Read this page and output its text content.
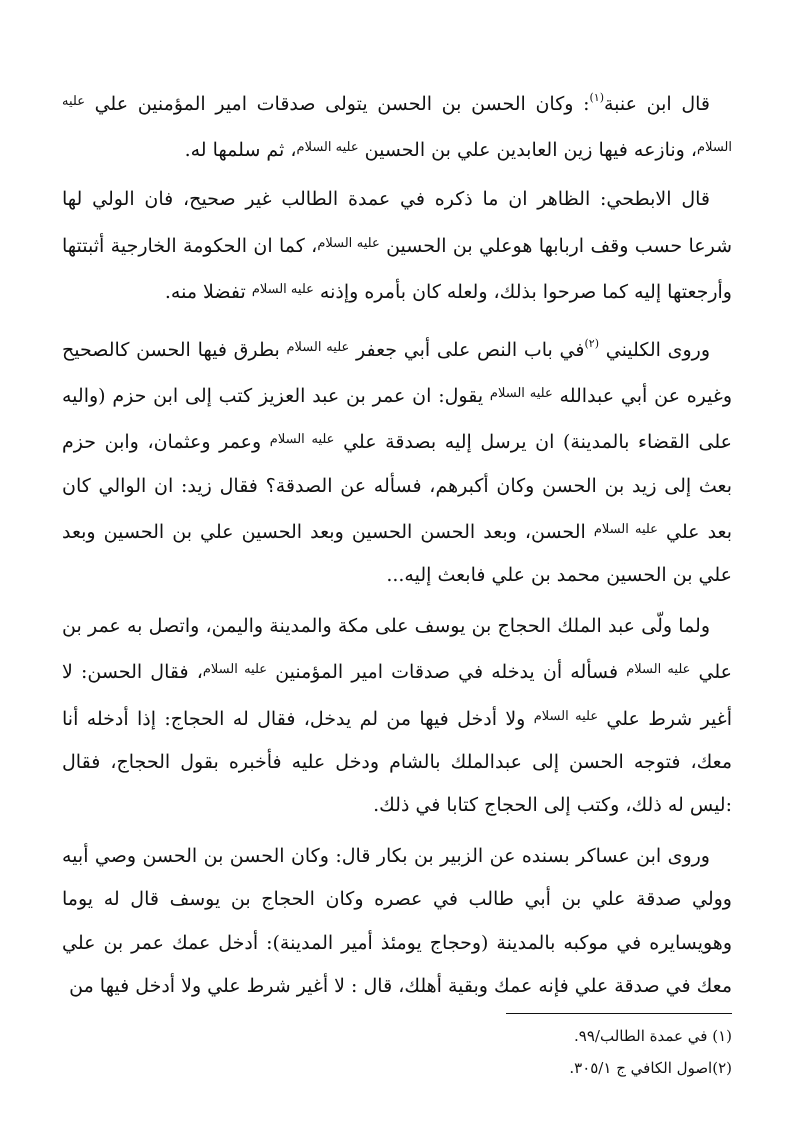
قال ابن عنبة$^{(١)}$: وكان الحسن بن الحسن يتولى صدقات امير المؤمنين علي $^{عليه السلام}$، ونازعه فيها زين العابدين علي بن الحسين $^{عليه السلام}$، ثم سلمها له.

قال الابطحي: الظاهر ان ما ذكره في عمدة الطالب غير صحيح، فان الولي لها شرعا حسب وقف اربابها هوعلي بن الحسين $^{عليه السلام}$، كما ان الحكومة الخارجية أثبتتها وأرجعتها إليه كما صرحوا بذلك، ولعله كان بأمره وإذنه $^{عليه السلام}$ تفضلا منه.

وروى الكليني $^{(٢)}$في باب النص على أبي جعفر $^{عليه السلام}$ بطرق فيها الحسن كالصحيح وغيره عن أبي عبدالله $^{عليه السلام}$ يقول: ان عمر بن عبد العزيز كتب إلى ابن حزم (والیه على القضاء بالمدينة) ان يرسل إليه بصدقة علي $^{عليه السلام}$ وعمر وعثمان، وابن حزم بعث إلى زيد بن الحسن وكان أكبرهم، فسأله عن الصدقة؟ فقال زيد: ان الوالي كان بعد علي $^{عليه السلام}$ الحسن، وبعد الحسن الحسين وبعد الحسين علي بن الحسين وبعد علي بن الحسين محمد بن علي فابعث إليه...

ولما ولّى عبد الملك الحجاج بن يوسف على مكة والمدينة واليمن، واتصل به عمر بن علي $^{عليه السلام}$ فسأله أن يدخله في صدقات امير المؤمنين $^{عليه السلام}$، فقال الحسن: لا أغير شرط علي $^{عليه السلام}$ ولا أدخل فيها من لم يدخل، فقال له الحجاج: إذا أدخله أنا معك، فتوجه الحسن إلى عبدالملك بالشام ودخل عليه فأخبره بقول الحجاج، فقال :ليس له ذلك، وكتب إلى الحجاج كتابا في ذلك.

وروى ابن عساكر بسنده عن الزبير بن بكار قال: وكان الحسن بن الحسن وصي أبيه وولي صدقة علي بن أبي طالب في عصره وكان الحجاج بن يوسف قال له يوما وهويسايره في موكبه بالمدينة (وحجاج يومئذ أمير المدينة): أدخل عمك عمر بن علي معك في صدقة علي فإنه عمك وبقية أهلك، قال : لا أغير شرط علي ولا أدخل فيها من

(١) في عمدة الطالب/٩٩.
(٢)اصول الكافي ج ٣٠٥/١.
